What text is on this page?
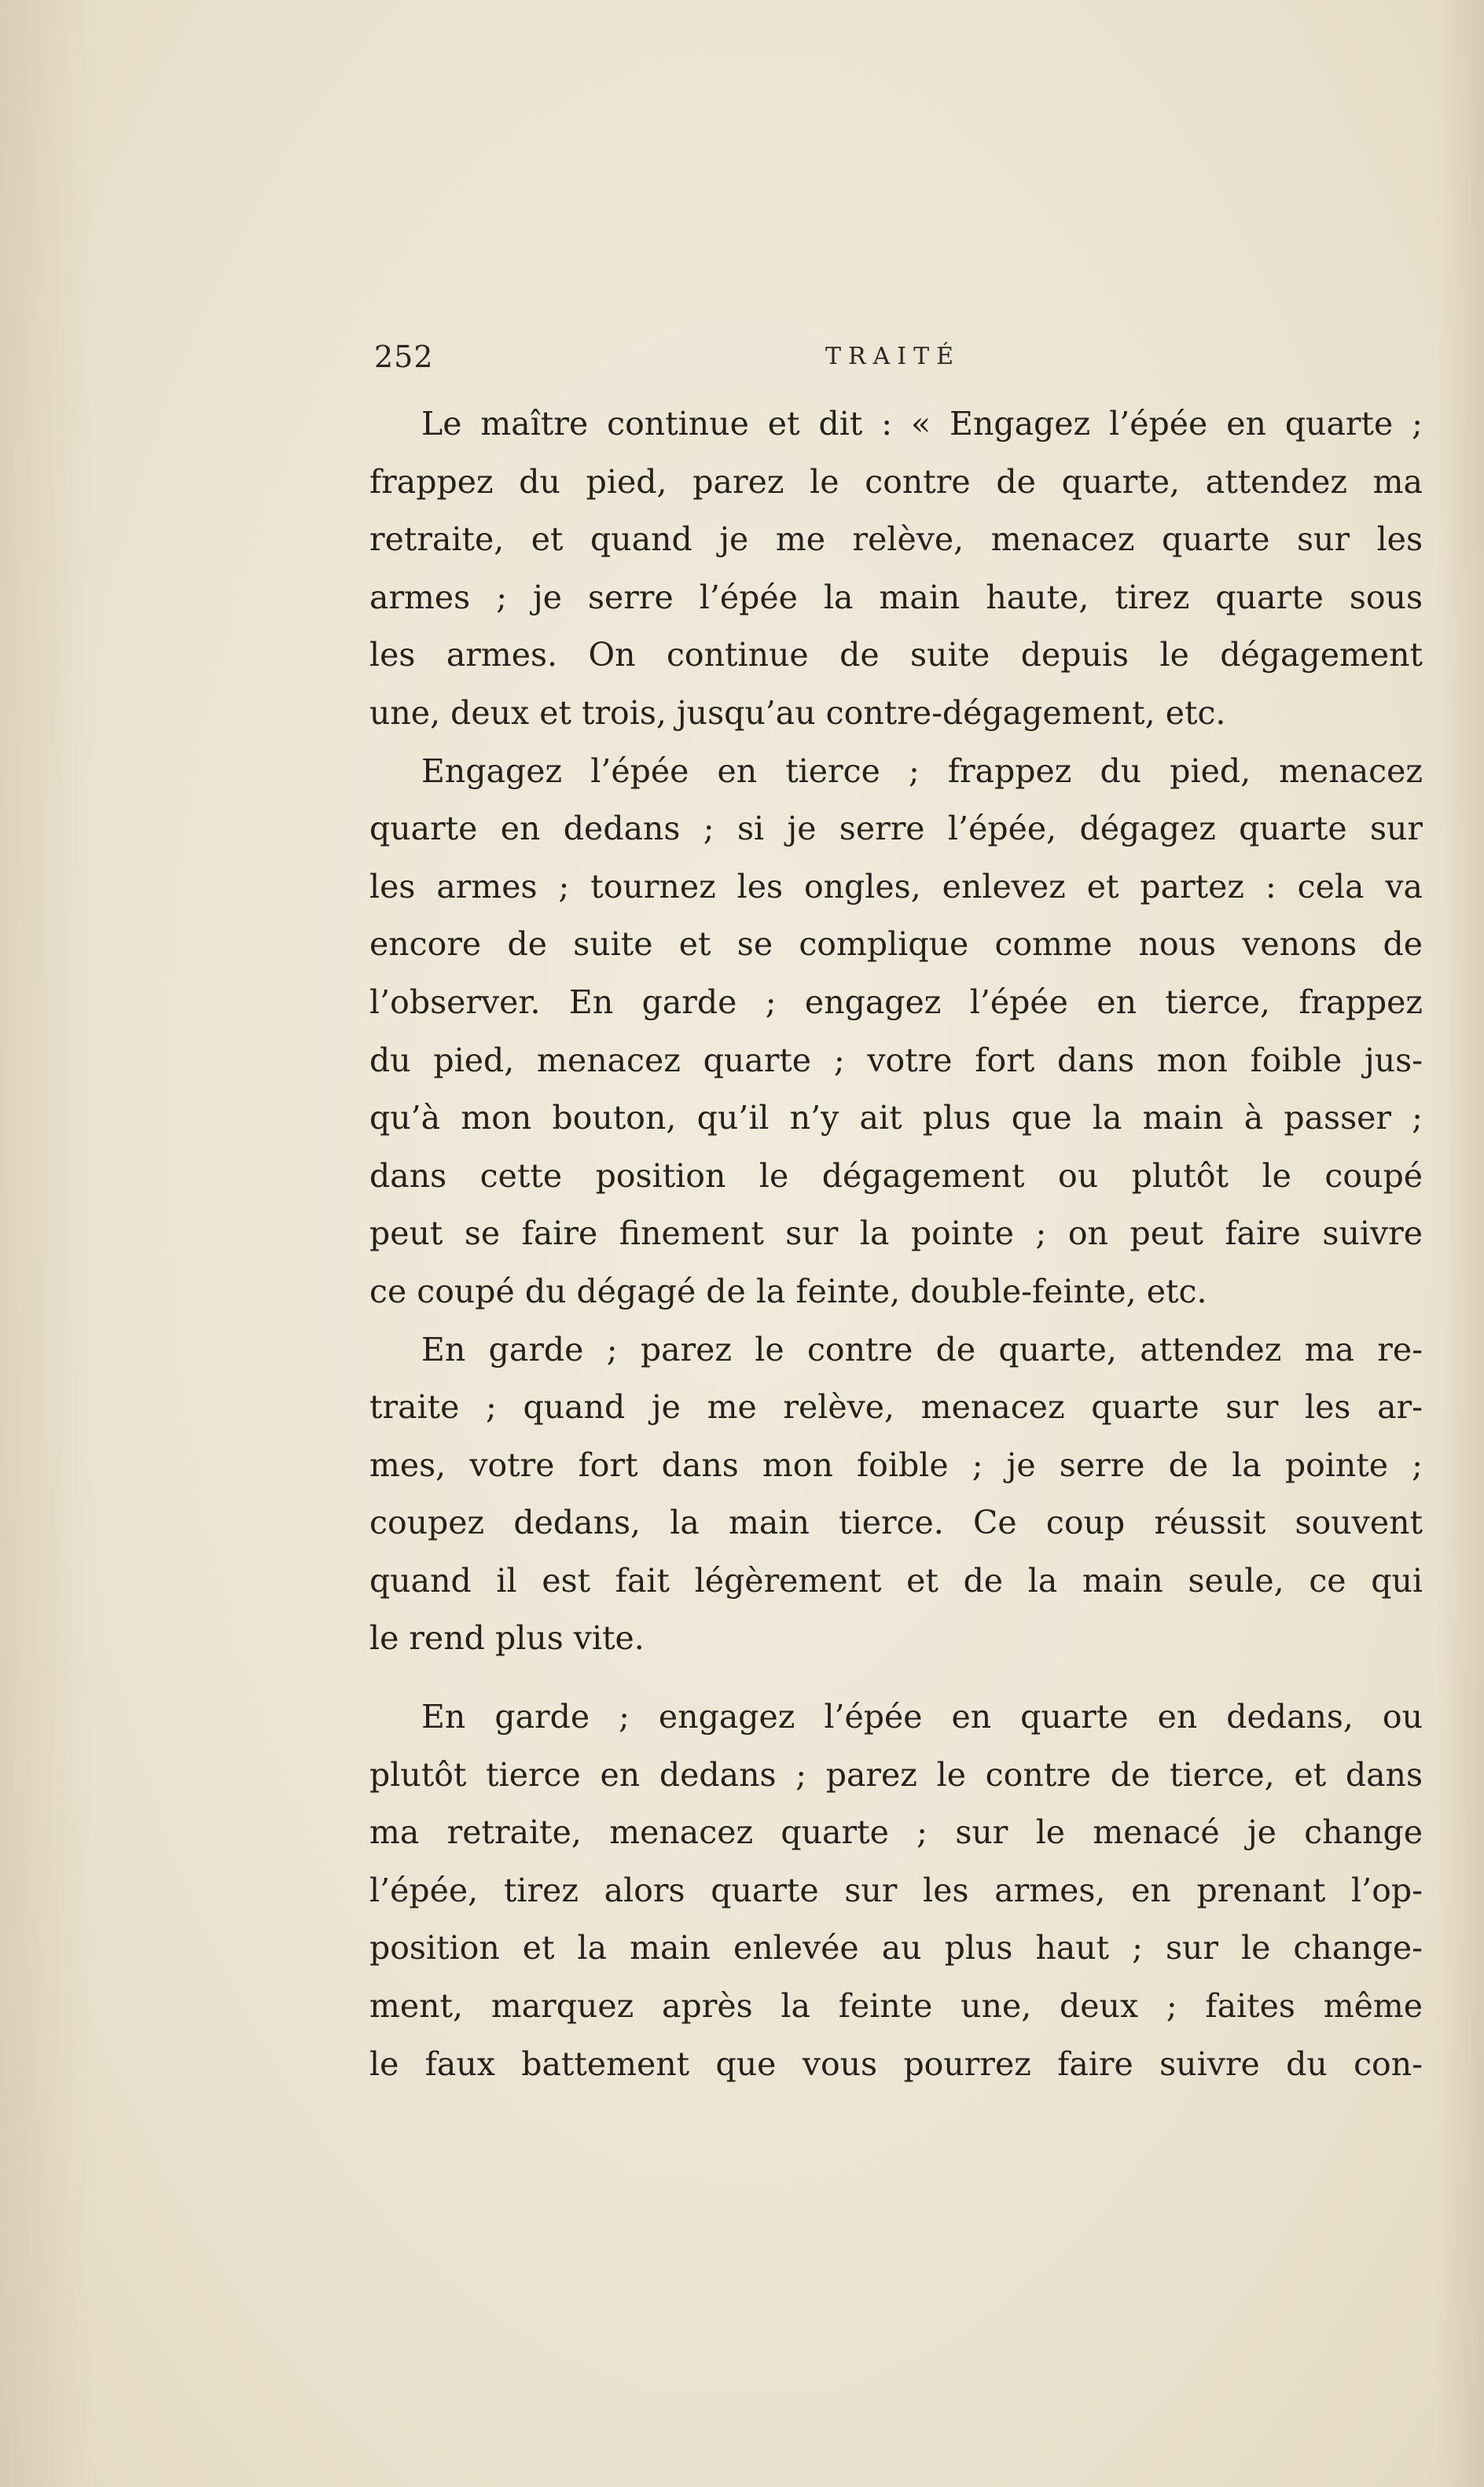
252	TRAITÉ

Le maître continue et dit : « Engagez l’épée en quarte ;
frappez du pied, parez le contre de quarte, attendez ma
retraite, et quand je me relève, menacez quarte sur les
armes ; je serre l’épée la main haute, tirez quarte sous
les armes. On continue de suite depuis le dégagement
une, deux et trois, jusqu’au contre-dégagement, etc.

Engagez l’épée en tierce ; frappez du pied, menacez
quarte en dedans ; si je serre l’épée, dégagez quarte sur
les armes ; tournez les ongles, enlevez et partez : cela va
encore de suite et se complique comme nous venons de
l’observer. En garde ; engagez l’épée en tierce, frappez
du pied, menacez quarte ; votre fort dans mon foible jus-
qu’à mon bouton, qu’il n’y ait plus que la main à passer ;
dans cette position le dégagement ou plutôt le coupé
peut se faire finement sur la pointe ; on peut faire suivre
ce coupé du dégagé de la feinte, double-feinte, etc.

En garde ; parez le contre de quarte, attendez ma re-
traite ; quand je me relève, menacez quarte sur les ar-
mes, votre fort dans mon foible ; je serre de la pointe ;
coupez dedans, la main tierce. Ce coup réussit souvent
quand il est fait légèrement et de la main seule, ce qui
le rend plus vite.

En garde ; engagez l’épée en quarte en dedans, ou
plutôt tierce en dedans ; parez le contre de tierce, et dans
ma retraite, menacez quarte ; sur le menacé je change
l’épée, tirez alors quarte sur les armes, en prenant l’op-
position et la main enlevée au plus haut ; sur le change-
ment, marquez après la feinte une, deux ; faites même
le faux battement que vous pourrez faire suivre du con-
